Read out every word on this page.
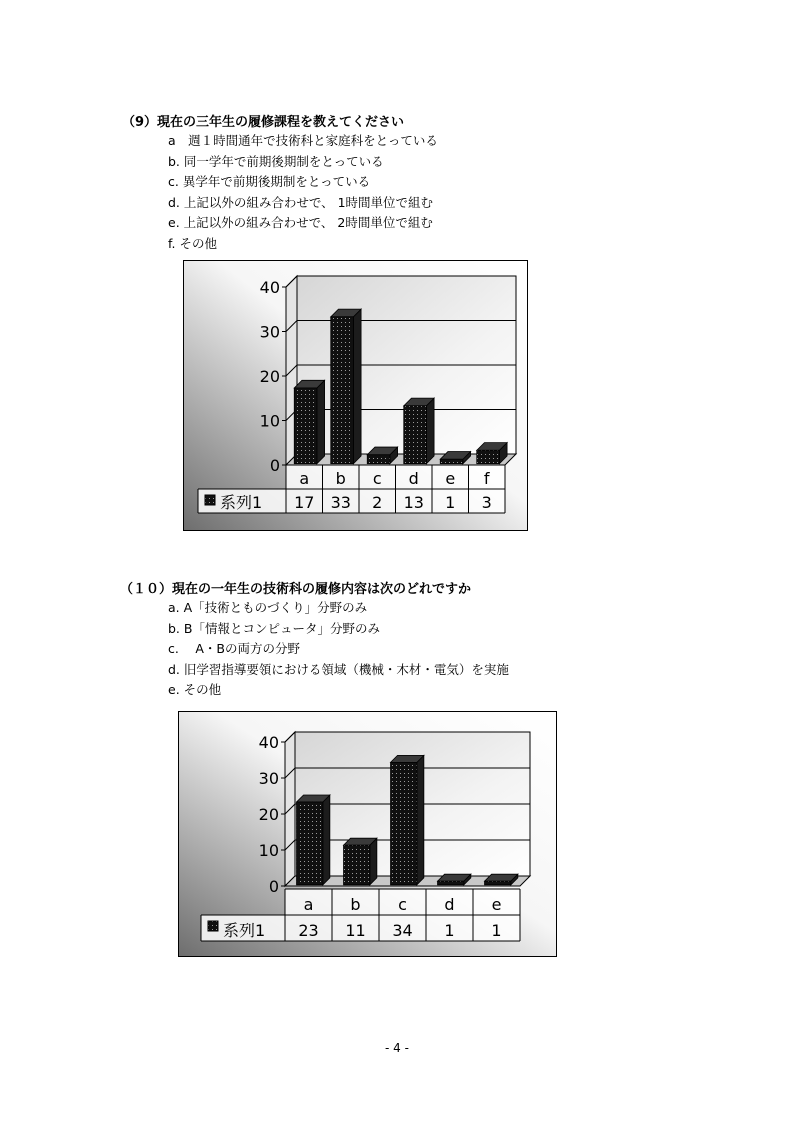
（9）現在の三年生の履修課程を教えてください
a　週１時間通年で技術科と家庭科をとっている
b. 同一学年で前期後期制をとっている
c. 異学年で前期後期制をとっている
d. 上記以外の組み合わせで、 1時間単位で組む
e. 上記以外の組み合わせで、 2時間単位で組む
f. その他
0
10
20
30
40
a
17
b
33
c
2
d
13
e
1
f
3
系列1
（１０）現在の一年生の技術科の履修内容は次のどれですか
a. A「技術とものづくり」分野のみ
b. B「情報とコンピュータ」分野のみ
c.　 A・Bの両方の分野
d. 旧学習指導要領における領域（機械・木材・電気）を実施
e. その他
0
10
20
30
40
a
23
b
11
c
34
d
1
e
1
系列1
- 4 -
